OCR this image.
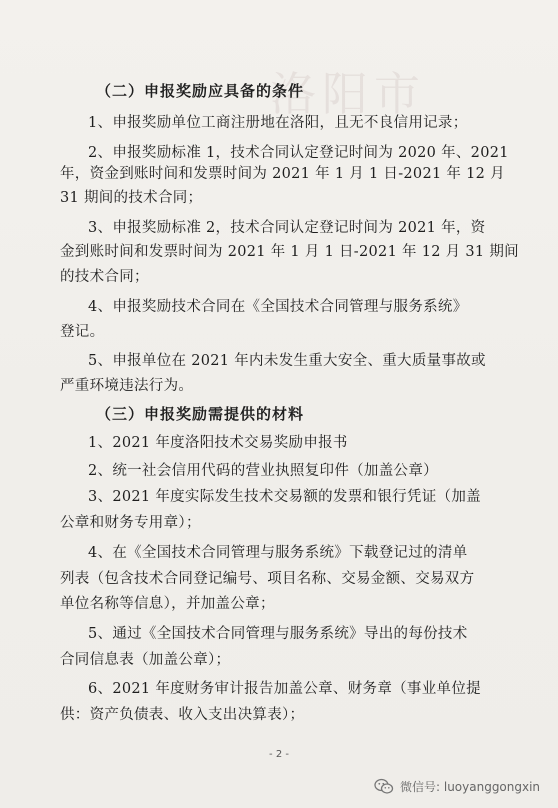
洛阳市
（二）申报奖励应具备的条件
1、申报奖励单位工商注册地在洛阳，且无不良信用记录；
2、申报奖励标准 1，技术合同认定登记时间为 2020 年、2021
年，资金到账时间和发票时间为 2021 年 1 月 1 日-2021 年 12 月
31 期间的技术合同；
3、申报奖励标准 2，技术合同认定登记时间为 2021 年，资
金到账时间和发票时间为 2021 年 1 月 1 日-2021 年 12 月 31 期间
的技术合同；
4、申报奖励技术合同在《全国技术合同管理与服务系统》
登记。
5、申报单位在 2021 年内未发生重大安全、重大质量事故或
严重环境违法行为。
（三）申报奖励需提供的材料
1、2021 年度洛阳技术交易奖励申报书
2、统一社会信用代码的营业执照复印件（加盖公章）
3、2021 年度实际发生技术交易额的发票和银行凭证（加盖
公章和财务专用章）；
4、在《全国技术合同管理与服务系统》下载登记过的清单
列表（包含技术合同登记编号、项目名称、交易金额、交易双方
单位名称等信息），并加盖公章；
5、通过《全国技术合同管理与服务系统》导出的每份技术
合同信息表（加盖公章）；
6、2021 年度财务审计报告加盖公章、财务章（事业单位提
供：资产负债表、收入支出决算表）；
- 2 -
微信号: luoyanggongxin
